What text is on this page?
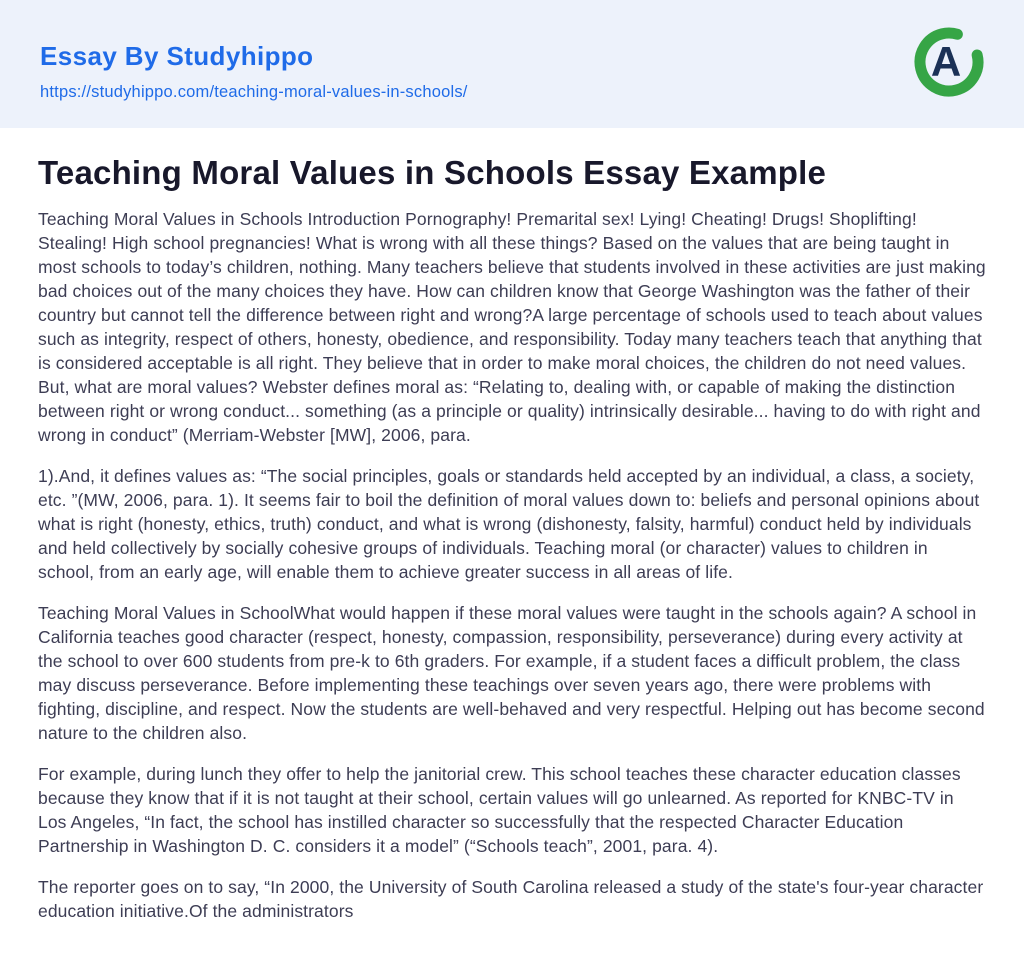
Essay By Studyhippo
https://studyhippo.com/teaching-moral-values-in-schools/
A
Teaching Moral Values in Schools Essay Example

Teaching Moral Values in Schools Introduction Pornography! Premarital sex! Lying! Cheating! Drugs! Shoplifting! Stealing! High school pregnancies! What is wrong with all these things? Based on the values that are being taught in most schools to today’s children, nothing. Many teachers believe that students involved in these activities are just making bad choices out of the many choices they have. How can children know that George Washington was the father of their country but cannot tell the difference between right and wrong?A large percentage of schools used to teach about values such as integrity, respect of others, honesty, obedience, and responsibility. Today many teachers teach that anything that is considered acceptable is all right. They believe that in order to make moral choices, the children do not need values. But, what are moral values? Webster defines moral as: “Relating to, dealing with, or capable of making the distinction between right or wrong conduct... something (as a principle or quality) intrinsically desirable... having to do with right and wrong in conduct” (Merriam-Webster [MW], 2006, para.

1).And, it defines values as: “The social principles, goals or standards held accepted by an individual, a class, a society, etc. ”(MW, 2006, para. 1). It seems fair to boil the definition of moral values down to: beliefs and personal opinions about what is right (honesty, ethics, truth) conduct, and what is wrong (dishonesty, falsity, harmful) conduct held by individuals and held collectively by socially cohesive groups of individuals. Teaching moral (or character) values to children in school, from an early age, will enable them to achieve greater success in all areas of life.

Teaching Moral Values in SchoolWhat would happen if these moral values were taught in the schools again? A school in California teaches good character (respect, honesty, compassion, responsibility, perseverance) during every activity at the school to over 600 students from pre-k to 6th graders. For example, if a student faces a difficult problem, the class may discuss perseverance. Before implementing these teachings over seven years ago, there were problems with fighting, discipline, and respect. Now the students are well-behaved and very respectful. Helping out has become second nature to the children also.

For example, during lunch they offer to help the janitorial crew. This school teaches these character education classes because they know that if it is not taught at their school, certain values will go unlearned. As reported for KNBC-TV in Los Angeles, “In fact, the school has instilled character so successfully that the respected Character Education Partnership in Washington D. C. considers it a model” (“Schools teach”, 2001, para. 4).

The reporter goes on to say, “In 2000, the University of South Carolina released a study of the state's four-year character education initiative.Of the administrators
